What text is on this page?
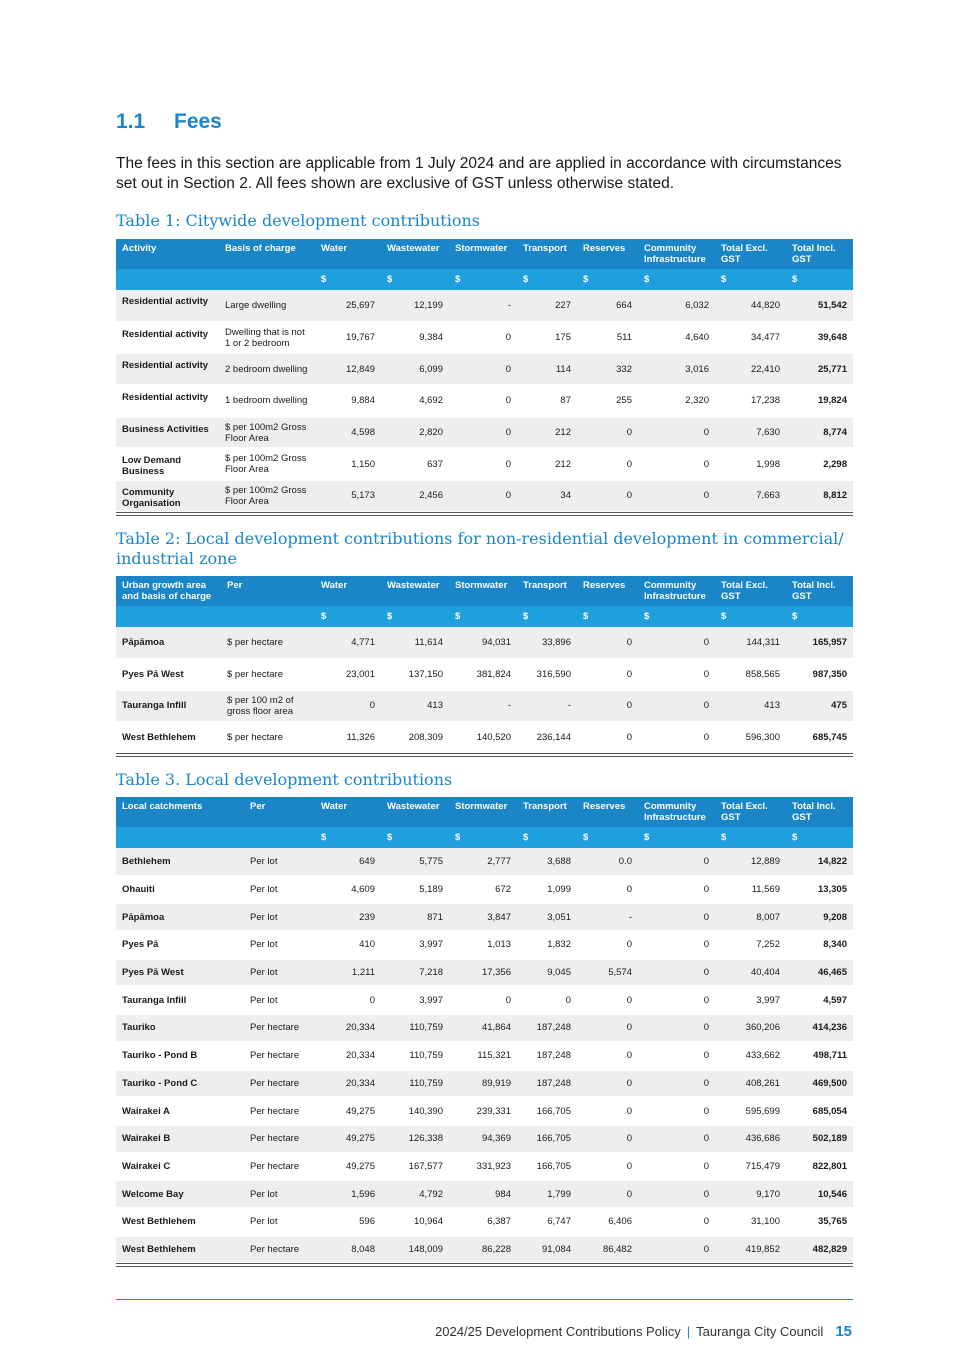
1.1 Fees

The fees in this section are applicable from 1 July 2024 and are applied in accordance with circumstances set out in Section 2. All fees shown are exclusive of GST unless otherwise stated.

Table 1: Citywide development contributions
Activity	Basis of charge	Water	Wastewater	Stormwater	Transport	Reserves	Community Infrastructure	Total Excl. GST	Total Incl. GST
		$	$	$	$	$	$	$	$
Residential activity	Large dwelling	25,697	12,199	-	227	664	6,032	44,820	51,542
Residential activity	Dwelling that is not 1 or 2 bedroom	19,767	9,384	0	175	511	4,640	34,477	39,648
Residential activity	2 bedroom dwelling	12,849	6,099	0	114	332	3,016	22,410	25,771
Residential activity	1 bedroom dwelling	9,884	4,692	0	87	255	2,320	17,238	19,824
Business Activities	$ per 100m2 Gross Floor Area	4,598	2,820	0	212	0	0	7,630	8,774
Low Demand Business	$ per 100m2 Gross Floor Area	1,150	637	0	212	0	0	1,998	2,298
Community Organisation	$ per 100m2 Gross Floor Area	5,173	2,456	0	34	0	0	7,663	8,812
Table 2: Local development contributions for non-residential development in commercial/ industrial zone
Urban growth area and basis of charge	Per	Water	Wastewater	Stormwater	Transport	Reserves	Community Infrastructure	Total Excl. GST	Total Incl. GST
		$	$	$	$	$	$	$	$
Pāpāmoa	$ per hectare	4,771	11,614	94,031	33,896	0	0	144,311	165,957
Pyes Pā West	$ per hectare	23,001	137,150	381,824	316,590	0	0	858,565	987,350
Tauranga Infill	$ per 100 m2 of gross floor area	0	413	-	-	0	0	413	475
West Bethlehem	$ per hectare	11,326	208,309	140,520	236,144	0	0	596,300	685,745
Table 3. Local development contributions
Local catchments	Per	Water	Wastewater	Stormwater	Transport	Reserves	Community Infrastructure	Total Excl. GST	Total Incl. GST
		$	$	$	$	$	$	$	$
Bethlehem	Per lot	649	5,775	2,777	3,688	0.0	0	12,889	14,822
Ohauiti	Per lot	4,609	5,189	672	1,099	0	0	11,569	13,305
Pāpāmoa	Per lot	239	871	3,847	3,051	-	0	8,007	9,208
Pyes Pā	Per lot	410	3,997	1,013	1,832	0	0	7,252	8,340
Pyes Pā West	Per lot	1,211	7,218	17,356	9,045	5,574	0	40,404	46,465
Tauranga Infill	Per lot	0	3,997	0	0	0	0	3,997	4,597
Tauriko	Per hectare	20,334	110,759	41,864	187,248	0	0	360,206	414,236
Tauriko - Pond B	Per hectare	20,334	110,759	115,321	187,248	0	0	433,662	498,711
Tauriko - Pond C	Per hectare	20,334	110,759	89,919	187,248	0	0	408,261	469,500
Wairakei A	Per hectare	49,275	140,390	239,331	166,705	0	0	595,699	685,054
Wairakei B	Per hectare	49,275	126,338	94,369	166,705	0	0	436,686	502,189
Wairakei C	Per hectare	49,275	167,577	331,923	166,705	0	0	715,479	822,801
Welcome Bay	Per lot	1,596	4,792	984	1,799	0	0	9,170	10,546
West Bethlehem	Per lot	596	10,964	6,387	6,747	6,406	0	31,100	35,765
West Bethlehem	Per hectare	8,048	148,009	86,228	91,084	86,482	0	419,852	482,829
2024/25 Development Contributions Policy | Tauranga City Council 15
